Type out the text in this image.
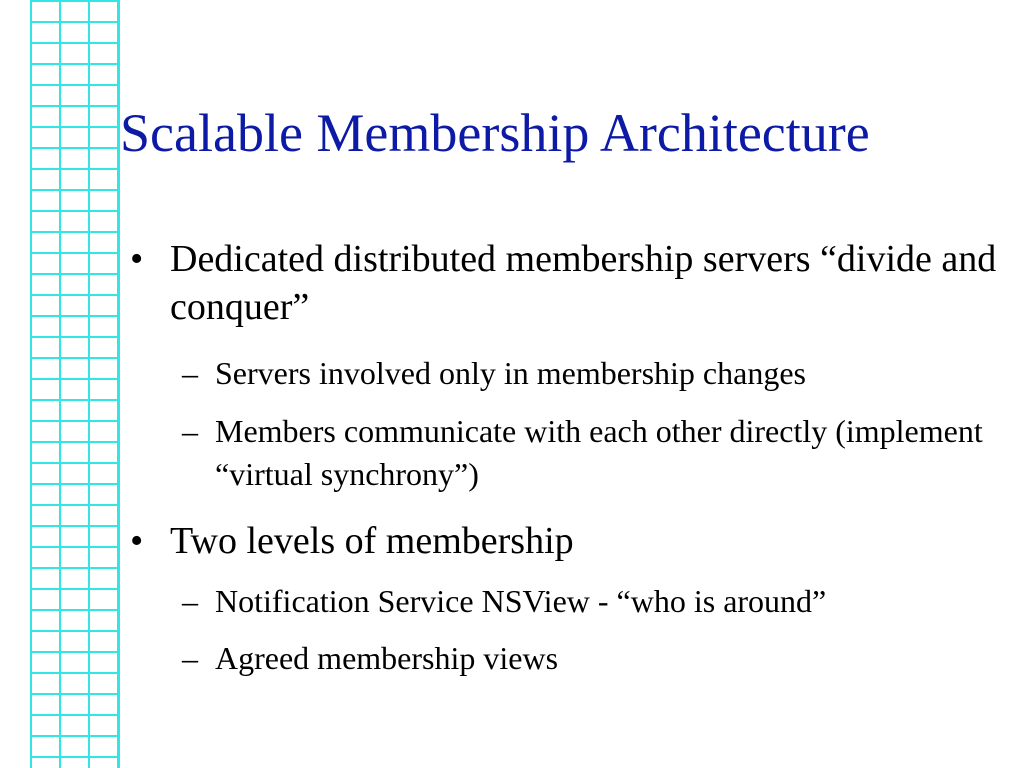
Scalable Membership Architecture
• Dedicated distributed membership servers “divide and conquer”
– Servers involved only in membership changes
– Members communicate with each other directly (implement “virtual synchrony”)
• Two levels of membership
– Notification Service NSView - “who is around”
– Agreed membership views
